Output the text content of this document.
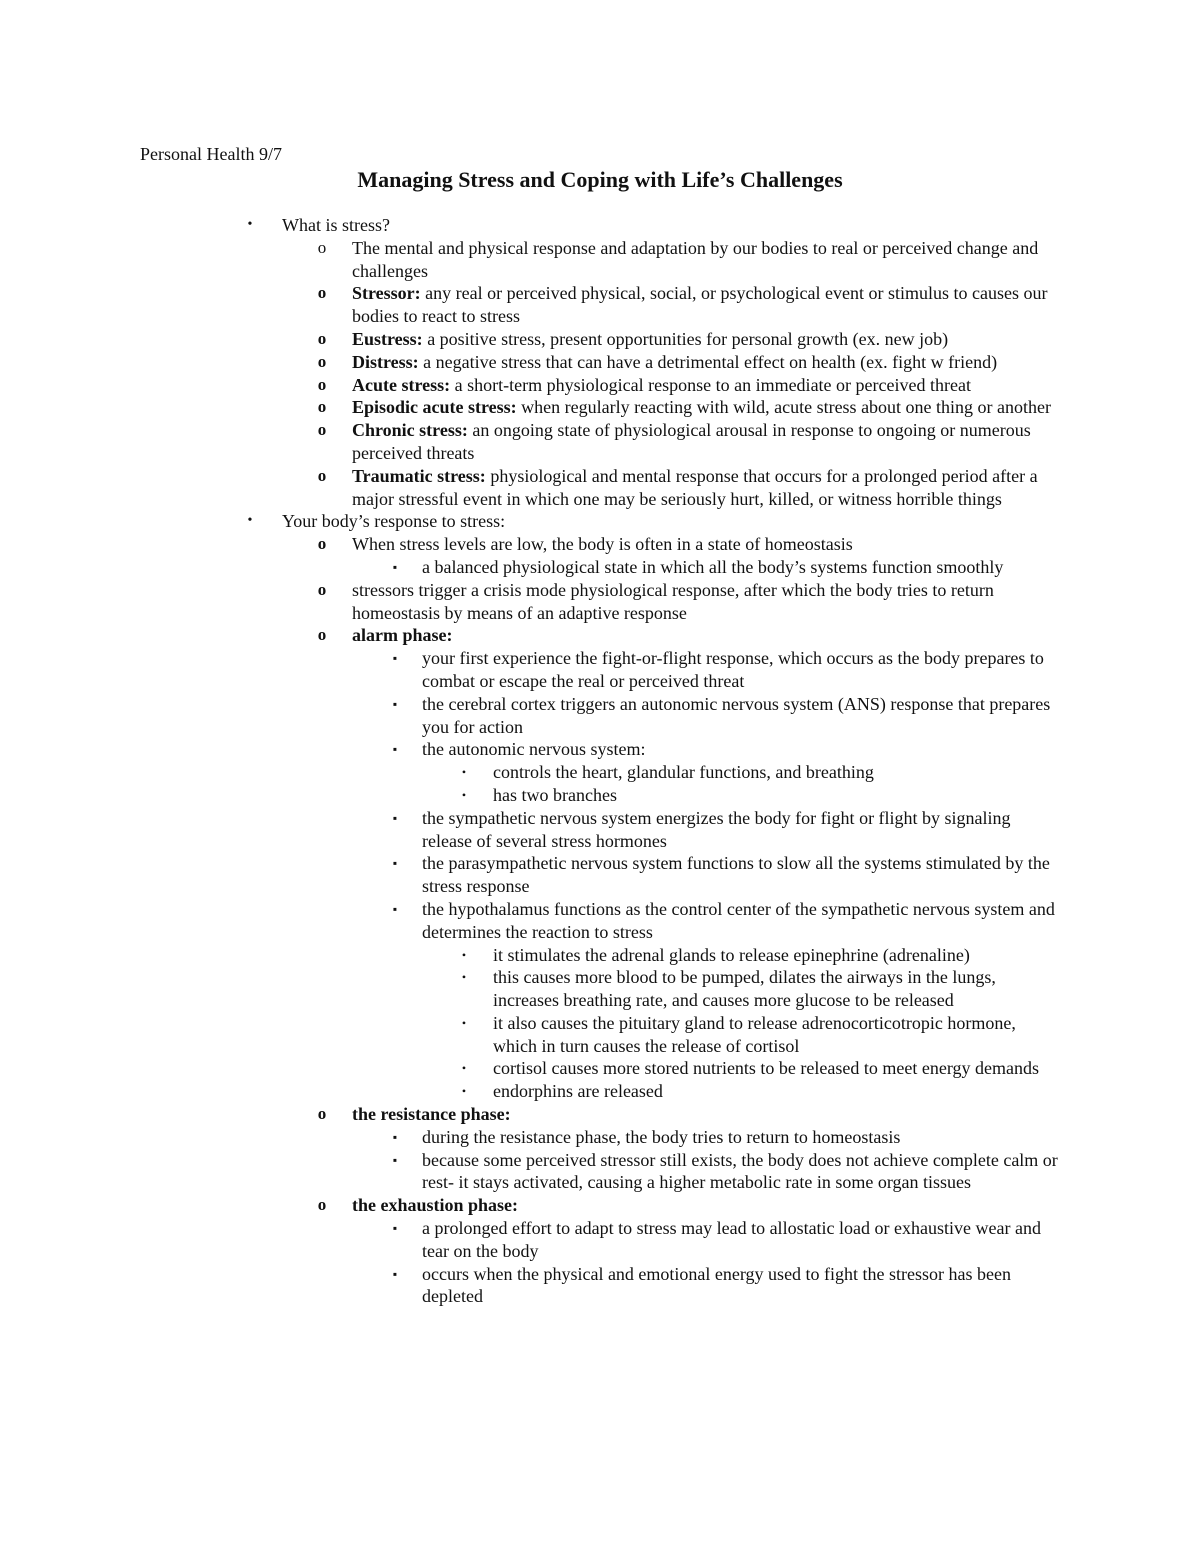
Personal Health 9/7
Managing Stress and Coping with Life’s Challenges
•	What is stress?
o	The mental and physical response and adaptation by our bodies to real or perceived change and challenges
o	Stressor: any real or perceived physical, social, or psychological event or stimulus to causes our bodies to react to stress
o	Eustress: a positive stress, present opportunities for personal growth (ex. new job)
o	Distress: a negative stress that can have a detrimental effect on health (ex. fight w friend)
o	Acute stress: a short-term physiological response to an immediate or perceived threat
o	Episodic acute stress: when regularly reacting with wild, acute stress about one thing or another
o	Chronic stress: an ongoing state of physiological arousal in response to ongoing or numerous perceived threats
o	Traumatic stress: physiological and mental response that occurs for a prolonged period after a major stressful event in which one may be seriously hurt, killed, or witness horrible things
•	Your body’s response to stress:
o	When stress levels are low, the body is often in a state of homeostasis
▪	a balanced physiological state in which all the body’s systems function smoothly
o	stressors trigger a crisis mode physiological response, after which the body tries to return homeostasis by means of an adaptive response
o	alarm phase:
▪	your first experience the fight-or-flight response, which occurs as the body prepares to combat or escape the real or perceived threat
▪	the cerebral cortex triggers an autonomic nervous system (ANS) response that prepares you for action
▪	the autonomic nervous system:
•	controls the heart, glandular functions, and breathing
•	has two branches
▪	the sympathetic nervous system energizes the body for fight or flight by signaling release of several stress hormones
▪	the parasympathetic nervous system functions to slow all the systems stimulated by the stress response
▪	the hypothalamus functions as the control center of the sympathetic nervous system and determines the reaction to stress
•	it stimulates the adrenal glands to release epinephrine (adrenaline)
•	this causes more blood to be pumped, dilates the airways in the lungs, increases breathing rate, and causes more glucose to be released
•	it also causes the pituitary gland to release adrenocorticotropic hormone, which in turn causes the release of cortisol
•	cortisol causes more stored nutrients to be released to meet energy demands
•	endorphins are released
o	the resistance phase:
▪	during the resistance phase, the body tries to return to homeostasis
▪	because some perceived stressor still exists, the body does not achieve complete calm or rest- it stays activated, causing a higher metabolic rate in some organ tissues
o	the exhaustion phase:
▪	a prolonged effort to adapt to stress may lead to allostatic load or exhaustive wear and tear on the body
▪	occurs when the physical and emotional energy used to fight the stressor has been depleted
